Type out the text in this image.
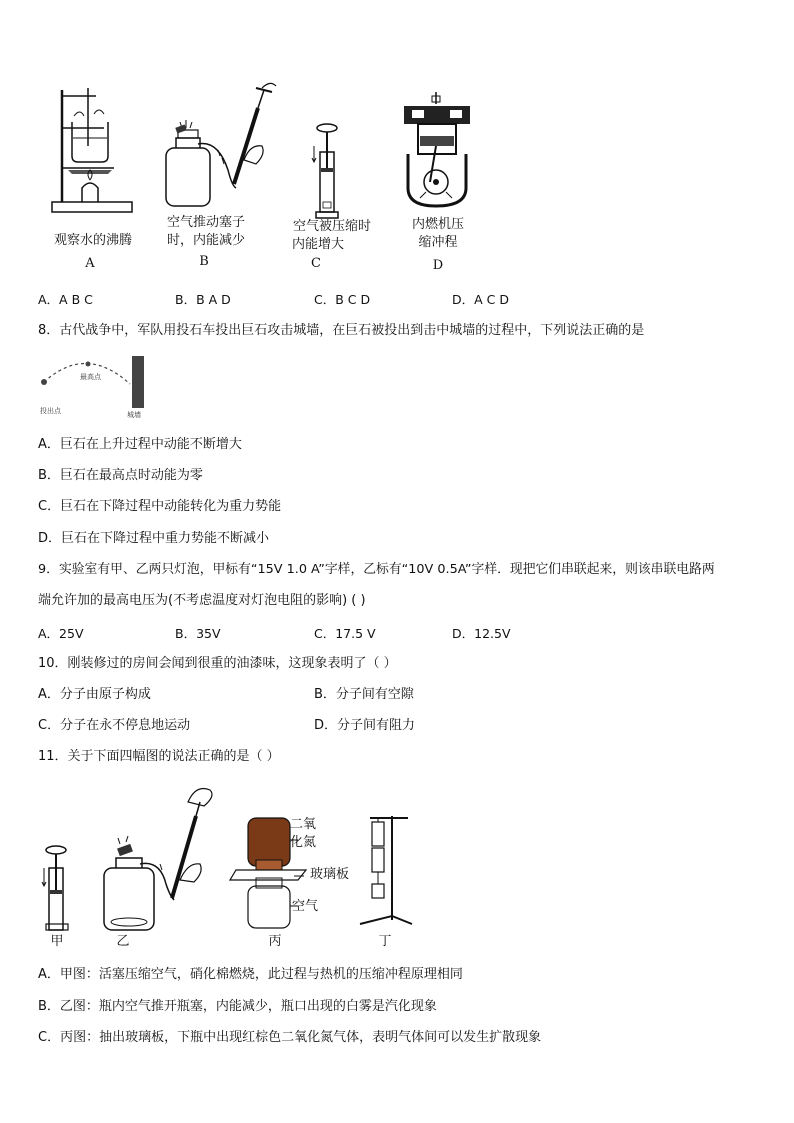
观察水的沸腾
A
空气推动塞子
时，内能减少
B
空气被压缩时
内能增大
C
内燃机压
缩冲程
D
A．A B C	B．B A D	C．B C D	D．A C D
8．古代战争中，军队用投石车投出巨石攻击城墙，在巨石被投出到击中城墙的过程中，下列说法正确的是
投出点
最高点
城墙
A．巨石在上升过程中动能不断增大
B．巨石在最高点时动能为零
C．巨石在下降过程中动能转化为重力势能
D．巨石在下降过程中重力势能不断减小
9．实验室有甲、乙两只灯泡，甲标有“15V 1.0 A”字样，乙标有“10V 0.5A”字样．现把它们串联起来，则该串联电路两
端允许加的最高电压为(不考虑温度对灯泡电阻的影响) ( )
A．25V	B．35V	C．17.5 V	D．12.5V
10．刚装修过的房间会闻到很重的油漆味，这现象表明了（ ）
A．分子由原子构成	B．分子间有空隙
C．分子在永不停息地运动	D．分子间有阻力
11．关于下面四幅图的说法正确的是（ ）
甲	乙
二氧
化氮
玻璃板
空气
丙	丁
A．甲图：活塞压缩空气，硝化棉燃烧，此过程与热机的压缩冲程原理相同
B．乙图：瓶内空气推开瓶塞，内能减少，瓶口出现的白雾是汽化现象
C．丙图：抽出玻璃板，下瓶中出现红棕色二氧化氮气体，表明气体间可以发生扩散现象
